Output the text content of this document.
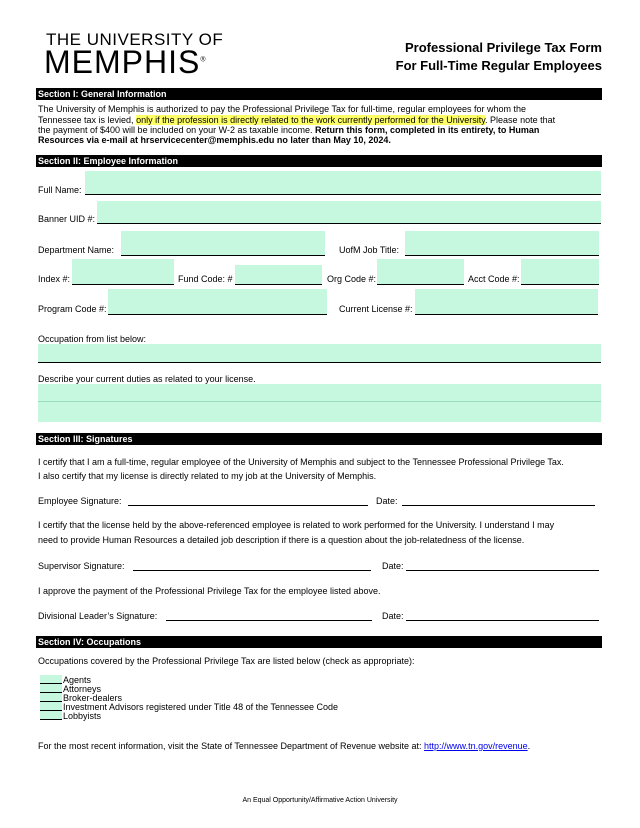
THE UNIVERSITY OF
MEMPHIS®
Professional Privilege Tax Form
For Full-Time Regular Employees
Section I: General Information
The University of Memphis is authorized to pay the Professional Privilege Tax for full-time, regular employees for whom the
Tennessee tax is levied, only if the profession is directly related to the work currently performed for the University. Please note that
the payment of $400 will be included on your W-2 as taxable income. Return this form, completed in its entirety, to Human
Resources via e-mail at hrservicecenter@memphis.edu no later than May 10, 2024.
Section II: Employee Information
Full Name:
Banner UID #:
Department Name:	UofM Job Title:
Index #:	Fund Code: #	Org Code #:	Acct Code #:
Program Code #:	Current License #:
Occupation from list below:
Describe your current duties as related to your license.
Section III: Signatures
I certify that I am a full-time, regular employee of the University of Memphis and subject to the Tennessee Professional Privilege Tax.
I also certify that my license is directly related to my job at the University of Memphis.
Employee Signature:	Date:
I certify that the license held by the above-referenced employee is related to work performed for the University. I understand I may
need to provide Human Resources a detailed job description if there is a question about the job-relatedness of the license.
Supervisor Signature:	Date:
I approve the payment of the Professional Privilege Tax for the employee listed above.
Divisional Leader’s Signature:	Date:
Section IV: Occupations
Occupations covered by the Professional Privilege Tax are listed below (check as appropriate):
Agents
Attorneys
Broker-dealers
Investment Advisors registered under Title 48 of the Tennessee Code
Lobbyists
For the most recent information, visit the State of Tennessee Department of Revenue website at: http://www.tn.gov/revenue.
An Equal Opportunity/Affirmative Action University
